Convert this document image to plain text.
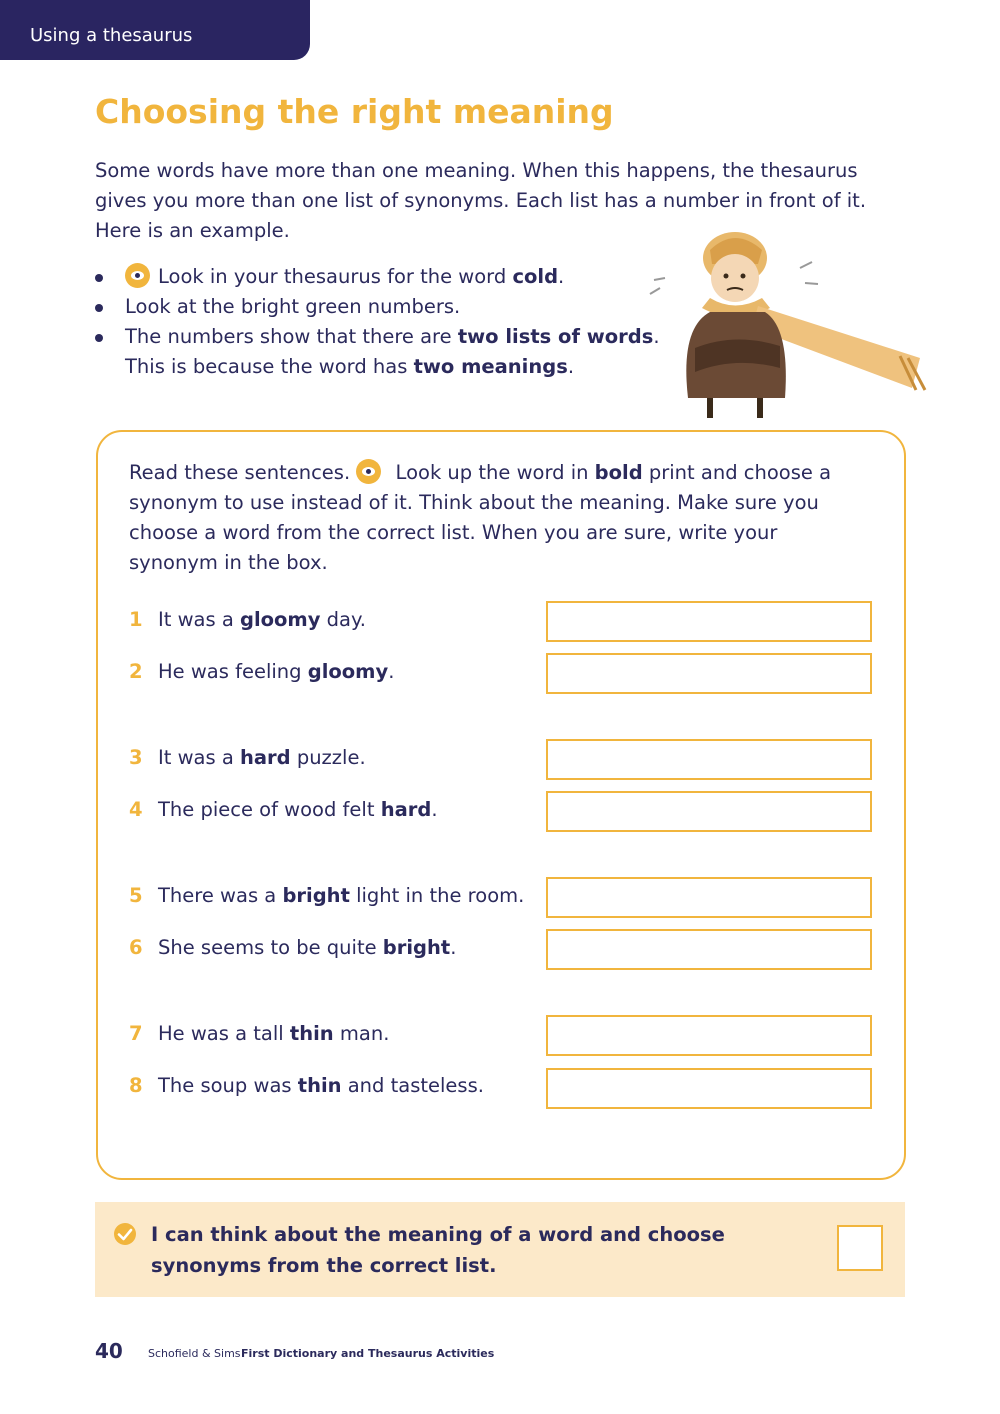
Using a thesaurus
Choosing the right meaning

Some words have more than one meaning. When this happens, the thesaurus gives you more than one list of synonyms. Each list has a number in front of it. Here is an example.

Look in your thesaurus for the word cold.
Look at the bright green numbers.
The numbers show that there are two lists of words.
This is because the word has two meanings.

Read these sentences.  Look up the word in bold print and choose a synonym to use instead of it. Think about the meaning. Make sure you choose a word from the correct list. When you are sure, write your synonym in the box.

1 It was a gloomy day.
2 He was feeling gloomy.
3 It was a hard puzzle.
4 The piece of wood felt hard.
5 There was a bright light in the room.
6 She seems to be quite bright.
7 He was a tall thin man.
8 The soup was thin and tasteless.

I can think about the meaning of a word and choose synonyms from the correct list.

40 Schofield & Sims First Dictionary and Thesaurus Activities
